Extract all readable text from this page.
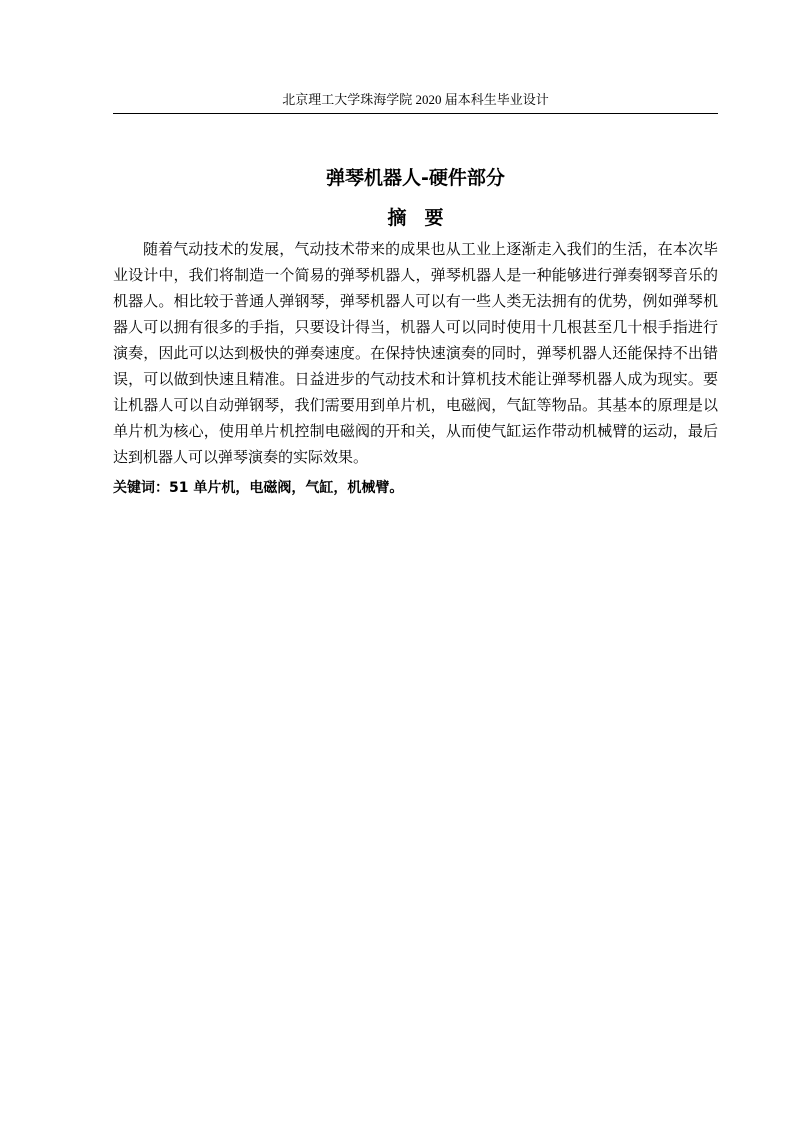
北京理工大学珠海学院 2020 届本科生毕业设计
弹琴机器人-硬件部分
摘要

随着气动技术的发展，气动技术带来的成果也从工业上逐渐走入我们的生活，在本次毕业设计中，我们将制造一个简易的弹琴机器人，弹琴机器人是一种能够进行弹奏钢琴音乐的机器人。相比较于普通人弹钢琴，弹琴机器人可以有一些人类无法拥有的优势，例如弹琴机器人可以拥有很多的手指，只要设计得当，机器人可以同时使用十几根甚至几十根手指进行演奏，因此可以达到极快的弹奏速度。在保持快速演奏的同时，弹琴机器人还能保持不出错误，可以做到快速且精准。日益进步的气动技术和计算机技术能让弹琴机器人成为现实。要让机器人可以自动弹钢琴，我们需要用到单片机，电磁阀，气缸等物品。其基本的原理是以单片机为核心，使用单片机控制电磁阀的开和关，从而使气缸运作带动机械臂的运动，最后达到机器人可以弹琴演奏的实际效果。

关键词：51 单片机，电磁阀，气缸，机械臂。
